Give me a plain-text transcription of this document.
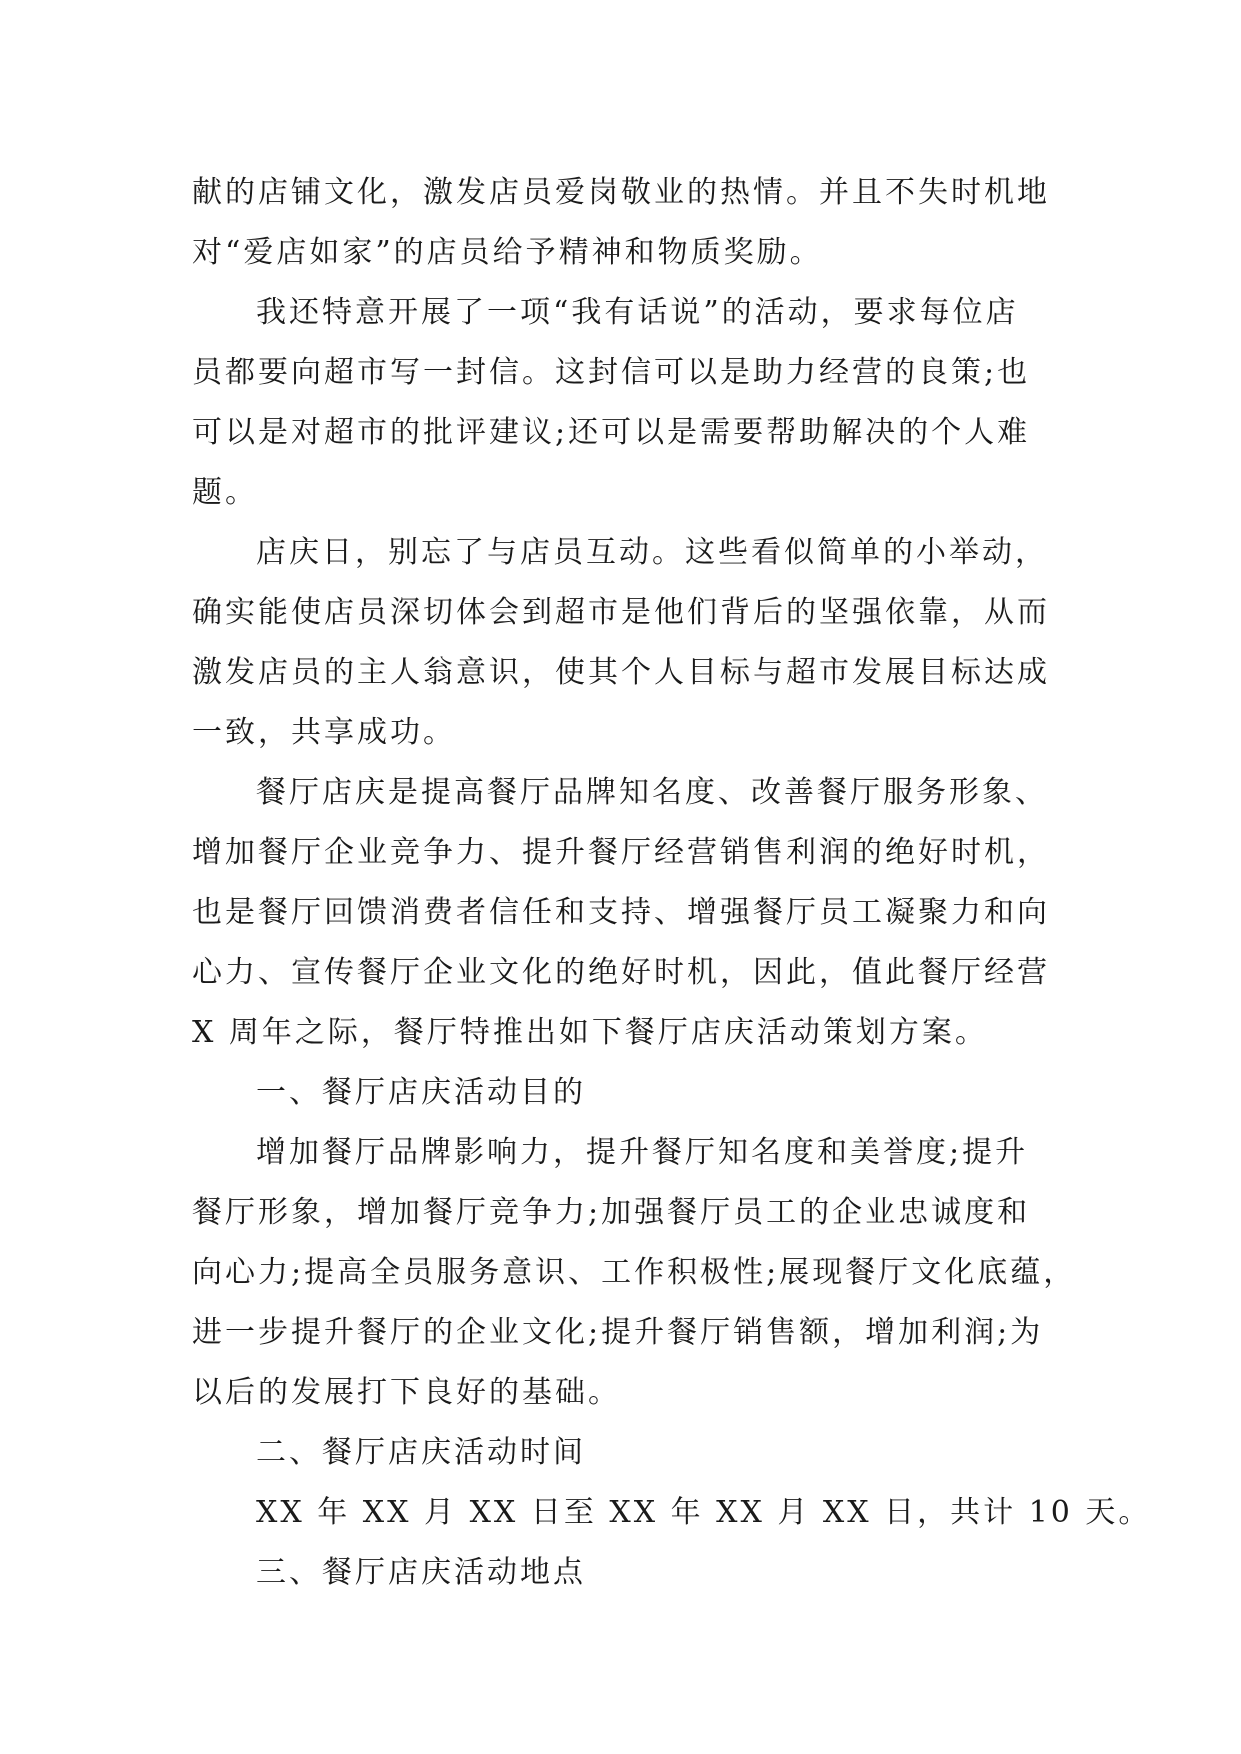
献的店铺文化，激发店员爱岗敬业的热情。并且不失时机地
对“爱店如家”的店员给予精神和物质奖励。

我还特意开展了一项“我有话说”的活动，要求每位店
员都要向超市写一封信。这封信可以是助力经营的良策;也
可以是对超市的批评建议;还可以是需要帮助解决的个人难
题。

店庆日，别忘了与店员互动。这些看似简单的小举动，
确实能使店员深切体会到超市是他们背后的坚强依靠，从而
激发店员的主人翁意识，使其个人目标与超市发展目标达成
一致，共享成功。

餐厅店庆是提高餐厅品牌知名度、改善餐厅服务形象、
增加餐厅企业竞争力、提升餐厅经营销售利润的绝好时机，
也是餐厅回馈消费者信任和支持、增强餐厅员工凝聚力和向
心力、宣传餐厅企业文化的绝好时机，因此，值此餐厅经营
X 周年之际，餐厅特推出如下餐厅店庆活动策划方案。

一、餐厅店庆活动目的

增加餐厅品牌影响力，提升餐厅知名度和美誉度;提升
餐厅形象，增加餐厅竞争力;加强餐厅员工的企业忠诚度和
向心力;提高全员服务意识、工作积极性;展现餐厅文化底蕴，
进一步提升餐厅的企业文化;提升餐厅销售额，增加利润;为
以后的发展打下良好的基础。

二、餐厅店庆活动时间

XX 年 XX 月 XX 日至 XX 年 XX 月 XX 日，共计 10 天。

三、餐厅店庆活动地点
